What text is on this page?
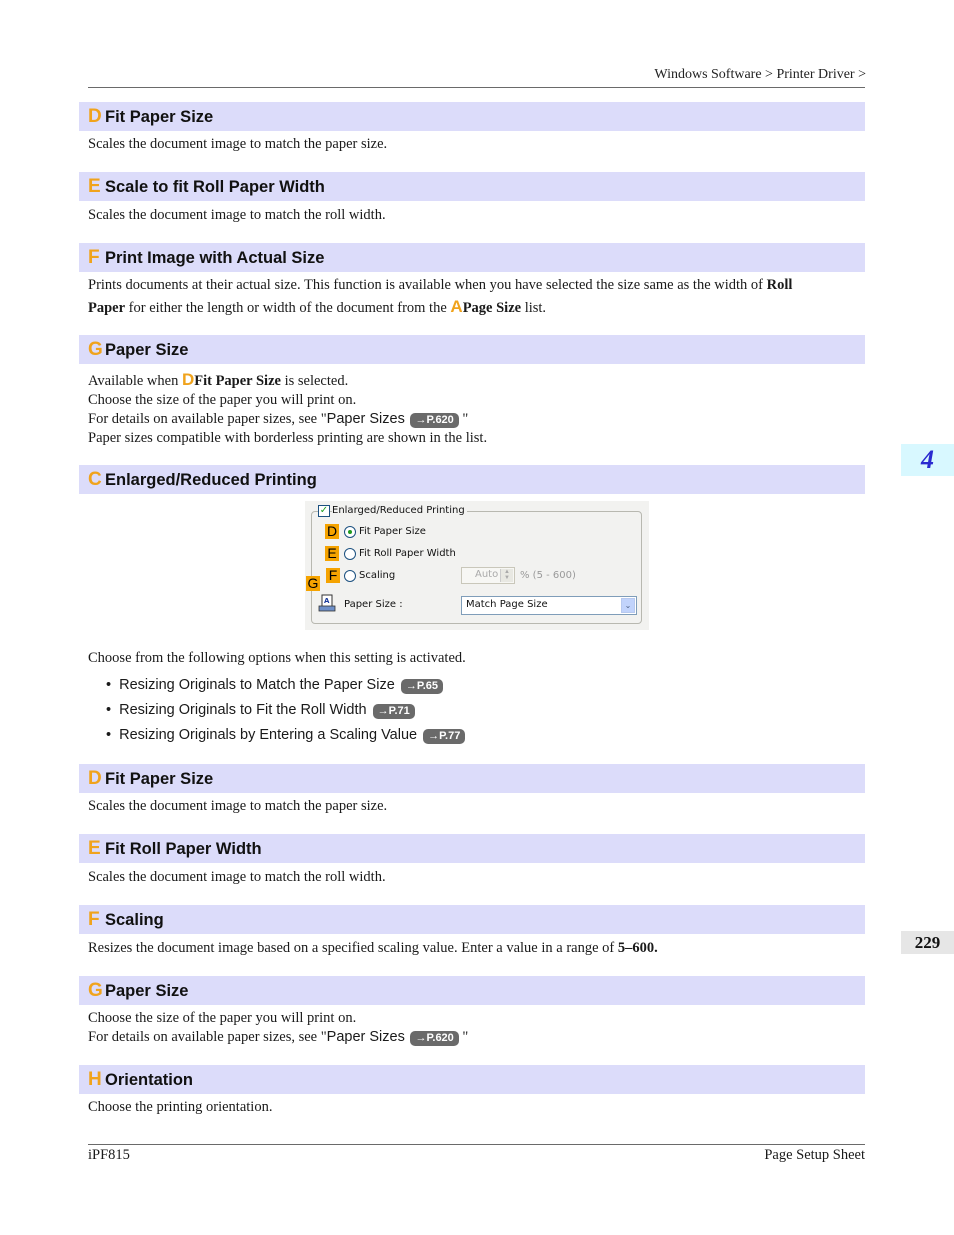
Windows Software > Printer Driver >
4
229
D Fit Paper Size
Scales the document image to match the paper size.
E Scale to fit Roll Paper Width
Scales the document image to match the roll width.
F Print Image with Actual Size
Prints documents at their actual size. This function is available when you have selected the size same as the width of Roll
Paper for either the length or width of the document from the APage Size list.
G Paper Size
Available when DFit Paper Size is selected.
Choose the size of the paper you will print on.
For details on available paper sizes, see "Paper Sizes →P.620 "
Paper sizes compatible with borderless printing are shown in the list.
C Enlarged/Reduced Printing
✓ Enlarged/Reduced Printing
D Fit Paper Size
E Fit Roll Paper Width
F Scaling	Auto ▲
▼	% (5 - 600)
G
A Paper Size :	Match Page Size	⌄
Choose from the following options when this setting is activated.
• Resizing Originals to Match the Paper Size →P.65
• Resizing Originals to Fit the Roll Width →P.71
• Resizing Originals by Entering a Scaling Value →P.77
D Fit Paper Size
Scales the document image to match the paper size.
E Fit Roll Paper Width
Scales the document image to match the roll width.
F Scaling
Resizes the document image based on a specified scaling value. Enter a value in a range of 5–600.
G Paper Size
Choose the size of the paper you will print on.
For details on available paper sizes, see "Paper Sizes →P.620 "
H Orientation
Choose the printing orientation.
iPF815	Page Setup Sheet
